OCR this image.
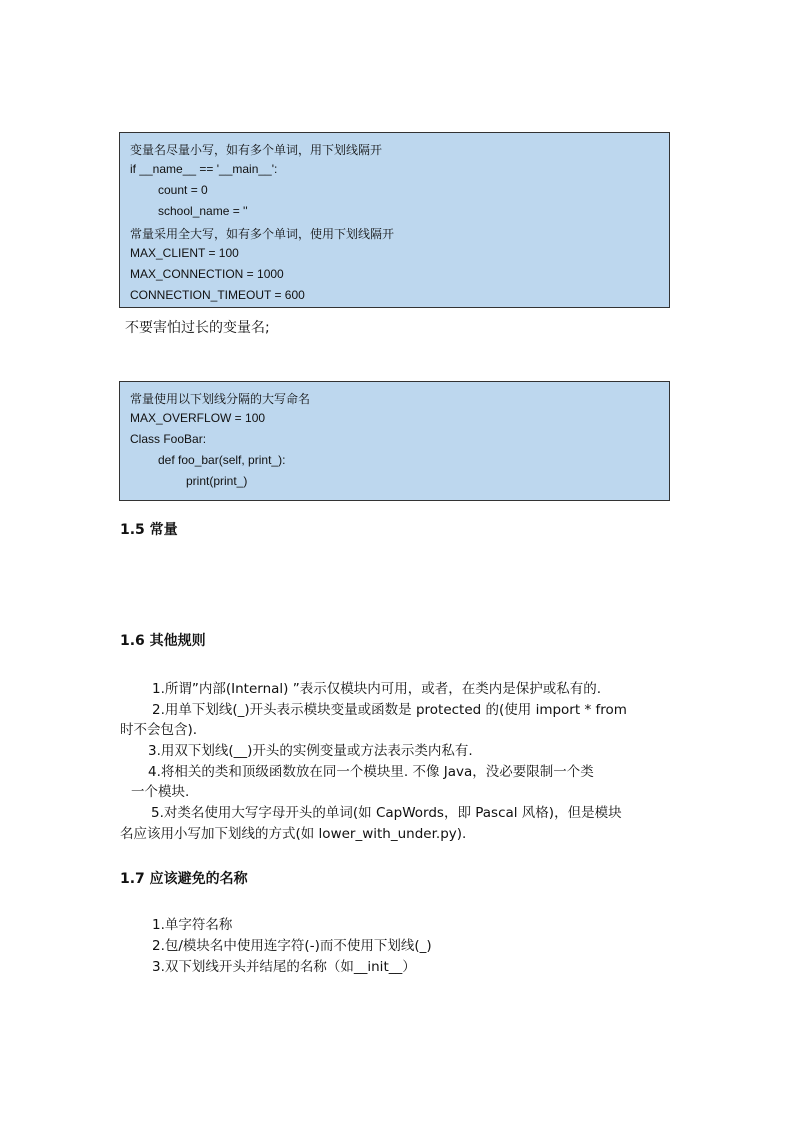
变量名尽量小写，如有多个单词，用下划线隔开
if __name__ == '__main__':
count = 0
school_name = ''
常量采用全大写，如有多个单词，使用下划线隔开
MAX_CLIENT = 100
MAX_CONNECTION = 1000
CONNECTION_TIMEOUT = 600
不要害怕过长的变量名;
常量使用以下划线分隔的大写命名
MAX_OVERFLOW = 100
Class FooBar:
def foo_bar(self, print_):
print(print_)
1.5 常量
1.6 其他规则
1.所谓”内部(Internal) ”表示仅模块内可用，或者，在类内是保护或私有的.
2.用单下划线(_)开头表示模块变量或函数是 protected 的(使用 import * from
时不会包含).
3.用双下划线(__)开头的实例变量或方法表示类内私有.
4.将相关的类和顶级函数放在同一个模块里. 不像 Java，没必要限制一个类
一个模块.
5.对类名使用大写字母开头的单词(如 CapWords，即 Pascal 风格)，但是模块
名应该用小写加下划线的方式(如 lower_with_under.py).
1.7 应该避免的名称
1.单字符名称
2.包/模块名中使用连字符(-)而不使用下划线(_)
3.双下划线开头并结尾的名称（如__init__）
